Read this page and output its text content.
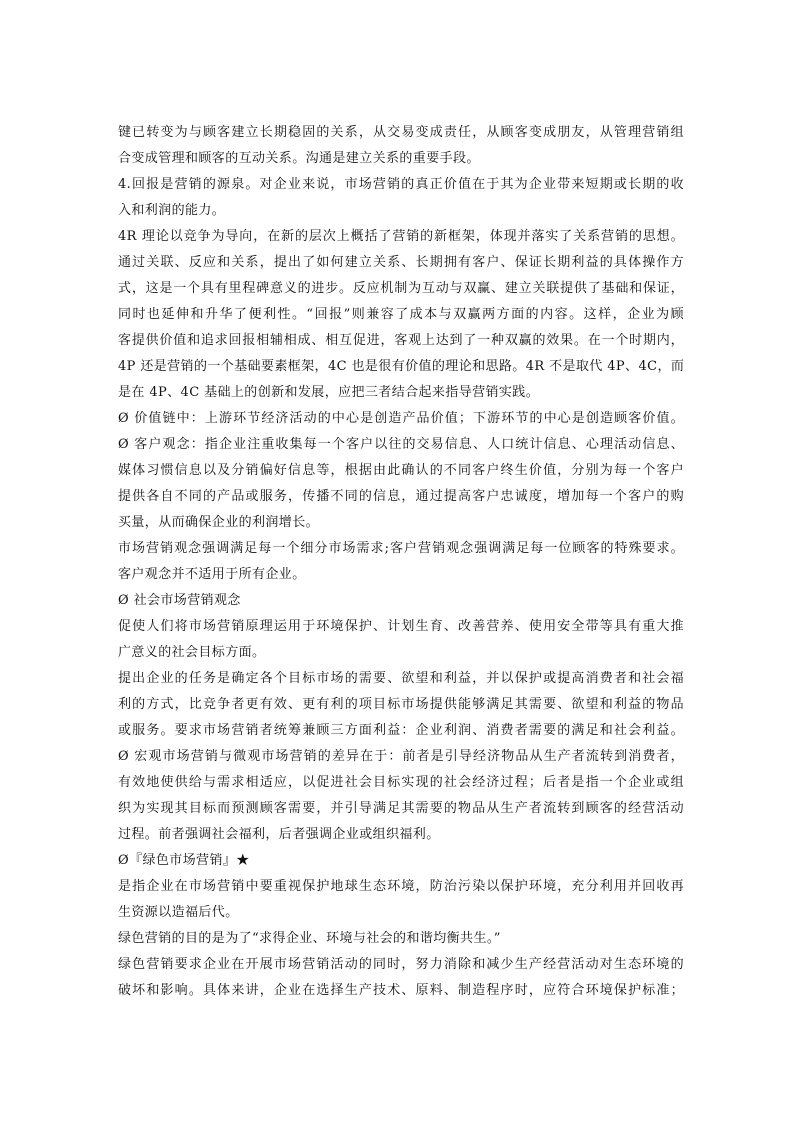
键已转变为与顾客建立长期稳固的关系，从交易变成责任，从顾客变成朋友，从管理营销组
合变成管理和顾客的互动关系。沟通是建立关系的重要手段。
4.回报是营销的源泉。对企业来说，市场营销的真正价值在于其为企业带来短期或长期的收
入和利润的能力。
4R 理论以竞争为导向，在新的层次上概括了营销的新框架，体现并落实了关系营销的思想。
通过关联、反应和关系，提出了如何建立关系、长期拥有客户、保证长期利益的具体操作方
式，这是一个具有里程碑意义的进步。反应机制为互动与双赢、建立关联提供了基础和保证，
同时也延伸和升华了便利性。“回报”则兼容了成本与双赢两方面的内容。这样，企业为顾
客提供价值和追求回报相辅相成、相互促进，客观上达到了一种双赢的效果。在一个时期内，
4P 还是营销的一个基础要素框架，4C 也是很有价值的理论和思路。4R 不是取代 4P、4C，而
是在 4P、4C 基础上的创新和发展，应把三者结合起来指导营销实践。
Ø 价值链中：上游环节经济活动的中心是创造产品价值；下游环节的中心是创造顾客价值。
Ø 客户观念：指企业注重收集每一个客户以往的交易信息、人口统计信息、心理活动信息、
媒体习惯信息以及分销偏好信息等，根据由此确认的不同客户终生价值，分别为每一个客户
提供各自不同的产品或服务，传播不同的信息，通过提高客户忠诚度，增加每一个客户的购
买量，从而确保企业的利润增长。
市场营销观念强调满足每一个细分市场需求;客户营销观念强调满足每一位顾客的特殊要求。
客户观念并不适用于所有企业。
Ø 社会市场营销观念
促使人们将市场营销原理运用于环境保护、计划生育、改善营养、使用安全带等具有重大推
广意义的社会目标方面。
提出企业的任务是确定各个目标市场的需要、欲望和利益，并以保护或提高消费者和社会福
利的方式，比竞争者更有效、更有利的项目标市场提供能够满足其需要、欲望和利益的物品
或服务。要求市场营销者统筹兼顾三方面利益：企业利润、消费者需要的满足和社会利益。
Ø 宏观市场营销与微观市场营销的差异在于：前者是引导经济物品从生产者流转到消费者，
有效地使供给与需求相适应，以促进社会目标实现的社会经济过程；后者是指一个企业或组
织为实现其目标而预测顾客需要，并引导满足其需要的物品从生产者流转到顾客的经营活动
过程。前者强调社会福利，后者强调企业或组织福利。
Ø『绿色市场营销』★
是指企业在市场营销中要重视保护地球生态环境，防治污染以保护环境，充分利用并回收再
生资源以造福后代。
绿色营销的目的是为了“求得企业、环境与社会的和谐均衡共生。”
绿色营销要求企业在开展市场营销活动的同时，努力消除和减少生产经营活动对生态环境的
破坏和影响。具体来讲，企业在选择生产技术、原料、制造程序时，应符合环境保护标准；
